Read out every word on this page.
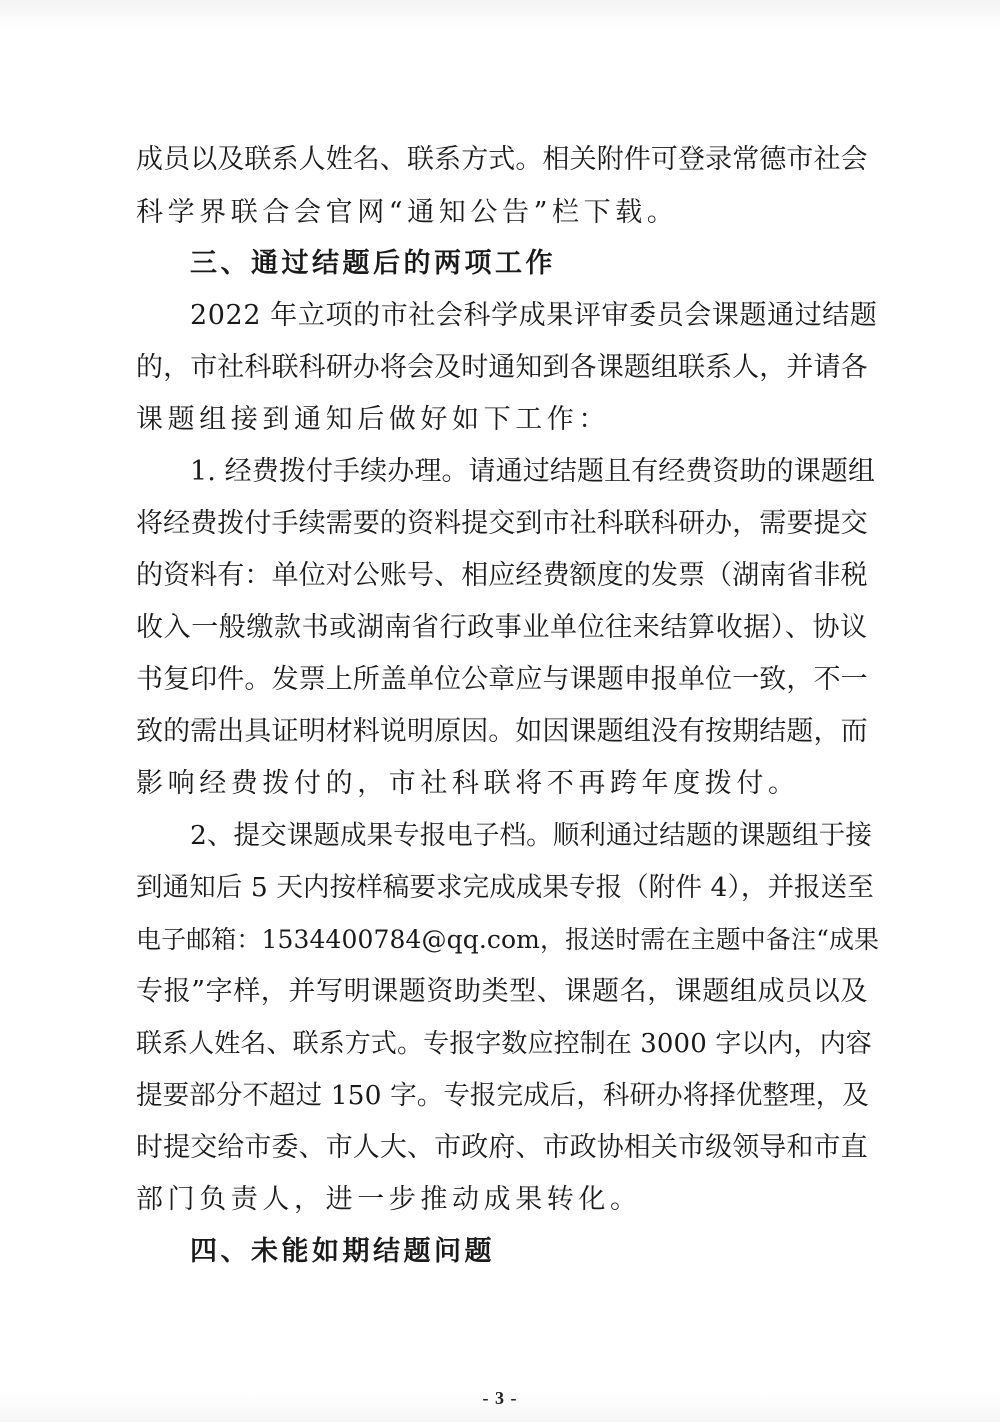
成员以及联系人姓名、联系方式。相关附件可登录常德市社会
科学界联合会官网“通知公告”栏下载。
三、通过结题后的两项工作
2022 年立项的市社会科学成果评审委员会课题通过结题
的，市社科联科研办将会及时通知到各课题组联系人，并请各
课题组接到通知后做好如下工作：
1. 经费拨付手续办理。请通过结题且有经费资助的课题组
将经费拨付手续需要的资料提交到市社科联科研办，需要提交
的资料有：单位对公账号、相应经费额度的发票（湖南省非税
收入一般缴款书或湖南省行政事业单位往来结算收据）、协议
书复印件。发票上所盖单位公章应与课题申报单位一致，不一
致的需出具证明材料说明原因。如因课题组没有按期结题，而
影响经费拨付的，市社科联将不再跨年度拨付。
2、提交课题成果专报电子档。顺利通过结题的课题组于接
到通知后 5 天内按样稿要求完成成果专报（附件 4），并报送至
电子邮箱：1534400784@qq.com，报送时需在主题中备注“成果
专报”字样，并写明课题资助类型、课题名，课题组成员以及
联系人姓名、联系方式。专报字数应控制在 3000 字以内，内容
提要部分不超过 150 字。专报完成后，科研办将择优整理，及
时提交给市委、市人大、市政府、市政协相关市级领导和市直
部门负责人，进一步推动成果转化。
四、未能如期结题问题
- 3 -
